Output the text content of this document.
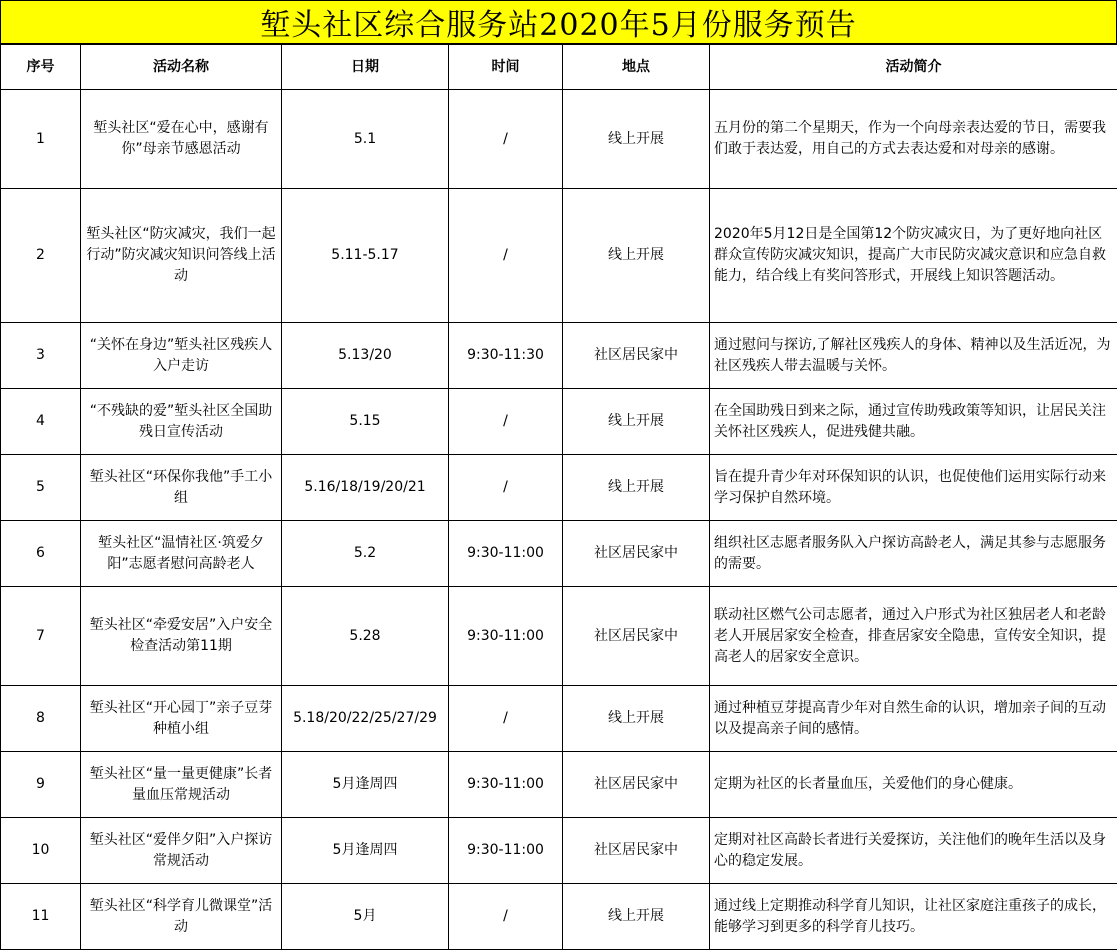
堑头社区综合服务站2020年5月份服务预告
序号	活动名称	日期	时间	地点	活动简介
1	堑头社区“爱在心中，感谢有你”母亲节感恩活动	5.1	/	线上开展	五月份的第二个星期天，作为一个向母亲表达爱的节日，需要我们敢于表达爱，用自己的方式去表达爱和对母亲的感谢。
2	堑头社区“防灾减灾，我们一起行动”防灾减灾知识问答线上活动	5.11-5.17	/	线上开展	2020年5月12日是全国第12个防灾减灾日，为了更好地向社区群众宣传防灾减灾知识，提高广大市民防灾减灾意识和应急自救能力，结合线上有奖问答形式，开展线上知识答题活动。
3	“关怀在身边”堑头社区残疾人入户走访	5.13/20	9:30-11:30	社区居民家中	通过慰问与探访,了解社区残疾人的身体、精神以及生活近况，为社区残疾人带去温暖与关怀。
4	“不残缺的爱”堑头社区全国助残日宣传活动	5.15	/	线上开展	在全国助残日到来之际，通过宣传助残政策等知识，让居民关注关怀社区残疾人，促进残健共融。
5	堑头社区“环保你我他”手工小组	5.16/18/19/20/21	/	线上开展	旨在提升青少年对环保知识的认识，也促使他们运用实际行动来学习保护自然环境。
6	堑头社区“温情社区·筑爱夕阳”志愿者慰问高龄老人	5.2	9:30-11:00	社区居民家中	组织社区志愿者服务队入户探访高龄老人，满足其参与志愿服务的需要。
7	堑头社区“牵爱安居”入户安全检查活动第11期	5.28	9:30-11:00	社区居民家中	联动社区燃气公司志愿者，通过入户形式为社区独居老人和老龄老人开展居家安全检查，排查居家安全隐患，宣传安全知识，提高老人的居家安全意识。
8	堑头社区“开心园丁”亲子豆芽种植小组	5.18/20/22/25/27/29	/	线上开展	通过种植豆芽提高青少年对自然生命的认识，增加亲子间的互动以及提高亲子间的感情。
9	堑头社区“量一量更健康”长者量血压常规活动	5月逢周四	9:30-11:00	社区居民家中	定期为社区的长者量血压，关爱他们的身心健康。
10	堑头社区“爱伴夕阳”入户探访常规活动	5月逢周四	9:30-11:00	社区居民家中	定期对社区高龄长者进行关爱探访，关注他们的晚年生活以及身心的稳定发展。
11	堑头社区“科学育儿微课堂”活动	5月	/	线上开展	通过线上定期推动科学育儿知识，让社区家庭注重孩子的成长，能够学习到更多的科学育儿技巧。
